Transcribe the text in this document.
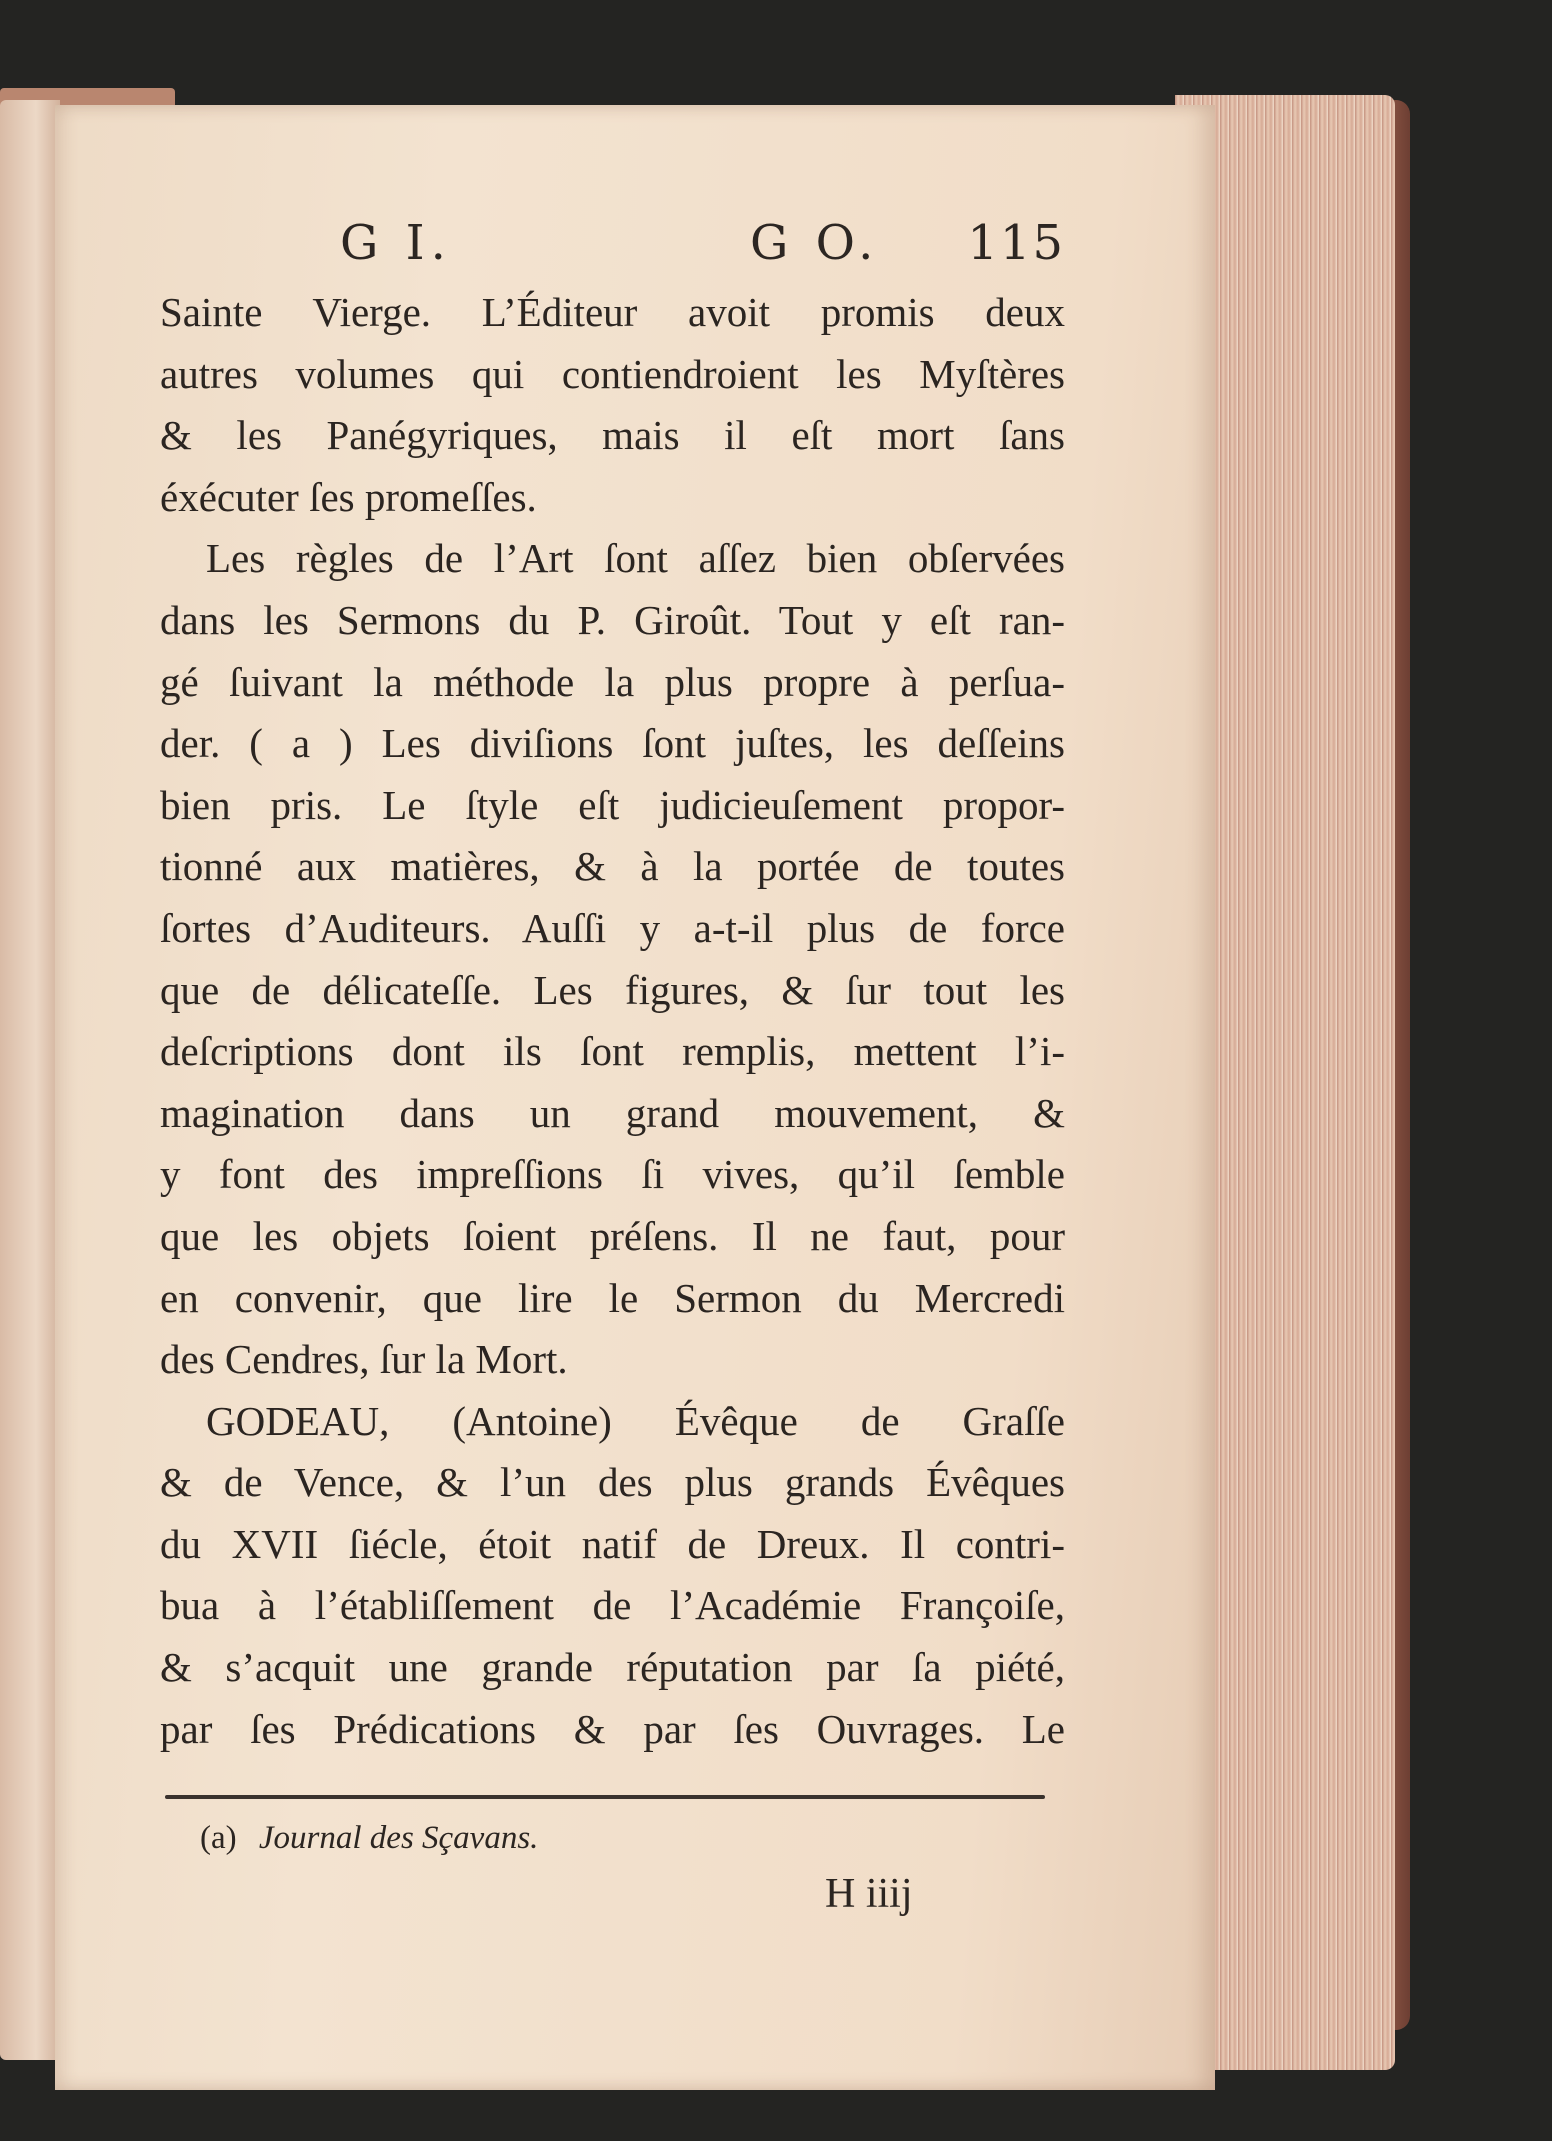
G I.	G O. 115

Sainte Vierge. L’Éditeur avoit promis deux

autres volumes qui contiendroient les Myſtères

& les Panégyriques, mais il eſt mort ſans

éxécuter ſes promeſſes.

Les règles de l’Art ſont aſſez bien obſervées

dans les Sermons du P. Giroût. Tout y eſt ran-

gé ſuivant la méthode la plus propre à perſua-

der. ( a ) Les diviſions ſont juſtes, les deſſeins

bien pris. Le ſtyle eſt judicieuſement propor-

tionné aux matières, & à la portée de toutes

ſortes d’Auditeurs. Auſſi y a-t-il plus de force

que de délicateſſe. Les figures, & ſur tout les

deſcriptions dont ils ſont remplis, mettent l’i-

magination dans un grand mouvement, &

y font des impreſſions ſi vives, qu’il ſemble

que les objets ſoient préſens. Il ne faut, pour

en convenir, que lire le Sermon du Mercredi

des Cendres, ſur la Mort.

GODEAU, (Antoine) Évêque de Graſſe

& de Vence, & l’un des plus grands Évêques

du XVII ſiécle, étoit natif de Dreux. Il contri-

bua à l’établiſſement de l’Académie Françoiſe,

& s’acquit une grande réputation par ſa piété,

par ſes Prédications & par ſes Ouvrages. Le

(a) Journal des Sçavans.
H iiij
